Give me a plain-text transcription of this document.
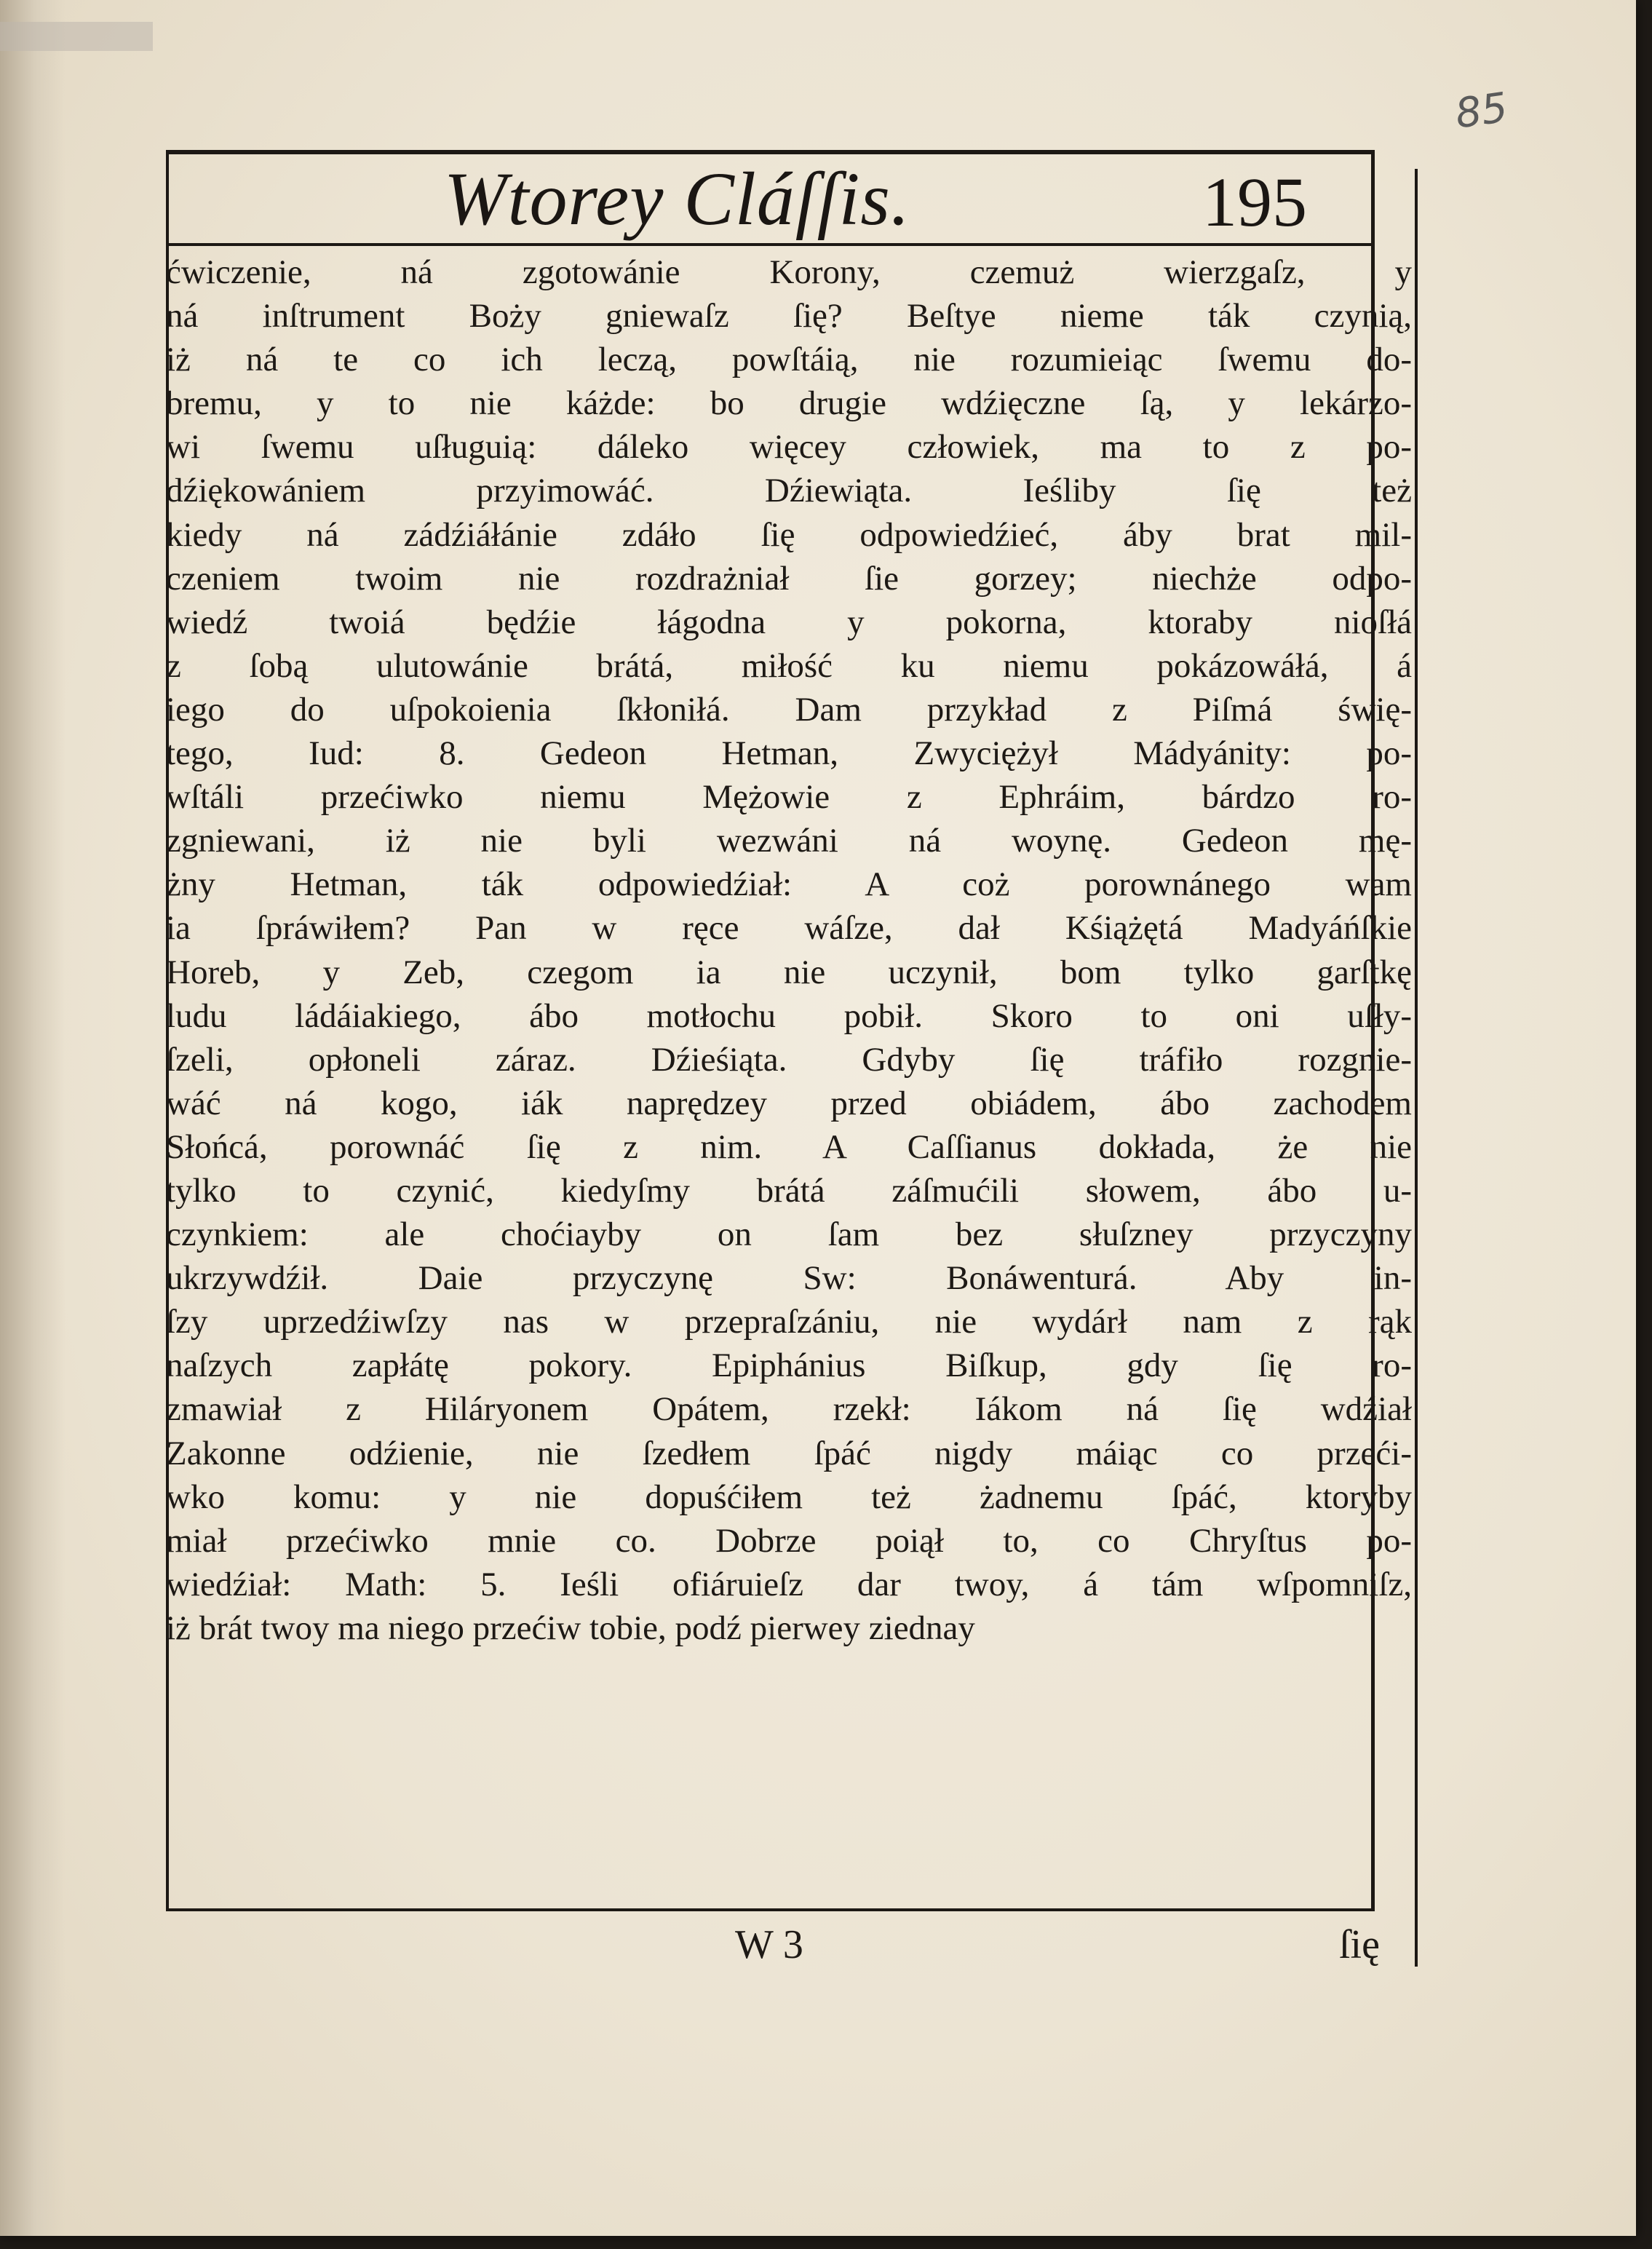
85
Wtorey Cláſſis.	195
ćwiczenie, ná zgotowánie Korony, czemuż wierzgaſz, y
ná inſtrument Boży gniewaſz ſię? Beſtye nieme ták czynią,
iż ná te co ich leczą, powſtáią, nie rozumieiąc ſwemu do-
bremu, y to nie káżde: bo drugie wdźięczne ſą, y lekárzo-
wi ſwemu uſługuią: dáleko więcey człowiek, ma to z po-
dźiękowániem przyimowáć. Dźiewiąta. Ieśliby ſię też
kiedy ná zádźiáłánie zdáło ſię odpowiedźieć, áby brat mil-
czeniem twoim nie rozdrażniał ſie gorzey; niechże odpo-
wiedź twoiá będźie łágodna y pokorna, ktoraby nioſłá
z ſobą ulutowánie brátá, miłość ku niemu pokázowáłá, á
iego do uſpokoienia ſkłoniłá. Dam przykład z Piſmá świę-
tego, Iud: 8. Gedeon Hetman, Zwyciężył Mádyánity: po-
wſtáli przećiwko niemu Mężowie z Ephráim, bárdzo ro-
zgniewani, iż nie byli wezwáni ná woynę. Gedeon mę-
żny Hetman, ták odpowiedźiał: A coż porownánego wam
ia ſpráwiłem? Pan w ręce wáſze, dał Kśiążętá Madyáńſkie
Horeb, y Zeb, czegom ia nie uczynił, bom tylko garſtkę
ludu ládáiakiego, ábo motłochu pobił. Skoro to oni uſły-
ſzeli, opłoneli záraz. Dźieśiąta. Gdyby ſię tráfiło rozgnie-
wáć ná kogo, iák naprędzey przed obiádem, ábo zachodem
Słońcá, porownáć ſię z nim. A Caſſianus dokłada, że nie
tylko to czynić, kiedyſmy brátá záſmućili słowem, ábo u-
czynkiem: ale choćiayby on ſam bez słuſzney przyczyny
ukrzywdźił. Daie przyczynę Sw: Bonáwenturá. Aby in-
ſzy uprzedźiwſzy nas w przepraſzániu, nie wydárł nam z rąk
naſzych zapłátę pokory. Epiphánius Biſkup, gdy ſię ro-
zmawiał z Hiláryonem Opátem, rzekł: Iákom ná ſię wdźiał
Zakonne odźienie, nie ſzedłem ſpáć nigdy máiąc co przeći-
wko komu: y nie dopuśćiłem też żadnemu ſpáć, ktoryby
miał przećiwko mnie co. Dobrze poiął to, co Chryſtus po-
wiedźiał: Math: 5. Ieśli ofiáruieſz dar twoy, á tám wſpomniſz,
iż brát twoy ma niego przećiw tobie, podź pierwey ziednay
W 3	ſię
